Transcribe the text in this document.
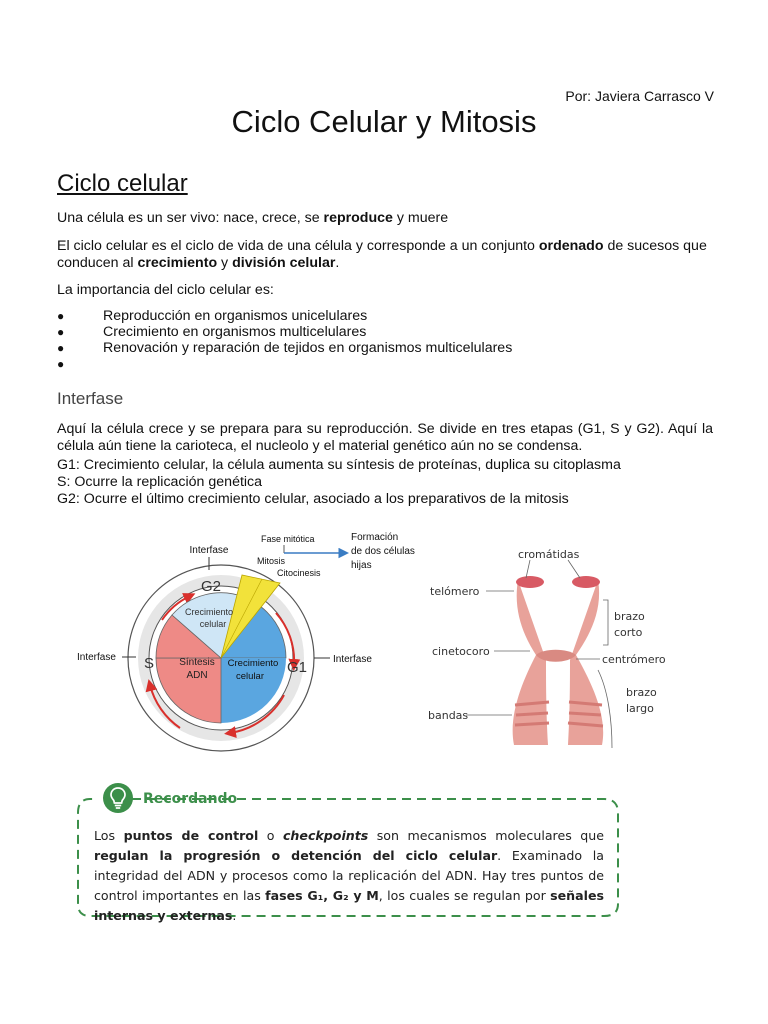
Por: Javiera Carrasco V
Ciclo Celular y Mitosis
Ciclo celular
Una célula es un ser vivo: nace, crece, se reproduce y muere
El ciclo celular es el ciclo de vida de una célula y corresponde a un conjunto ordenado de sucesos que conducen al crecimiento y división celular.
La importancia del ciclo celular es:
●	Reproducción en organismos unicelulares
●	Crecimiento en organismos multicelulares
●	Renovación y reparación de tejidos en organismos multicelulares
●
Interfase
Aquí la célula crece y se prepara para su reproducción. Se divide en tres etapas (G1, S y G2). Aquí la célula aún tiene la carioteca, el nucleolo y el material genético aún no se condensa.
G1: Crecimiento celular, la célula aumenta su síntesis de proteínas, duplica su citoplasma
S: Ocurre la replicación genética
G2: Ocurre el último crecimiento celular, asociado a los preparativos de la mitosis
Crecimiento
celular
Síntesis
ADN
Crecimiento
celular
G2
S	G1
Interfase
Interfase	Interfase
Fase mitótica
Mitosis
Citocinesis
Formación
de dos células
hijas
cromátidas
telómero
cinetocoro
bandas
brazo
corto
centrómero
brazo
largo
Recordando
Los puntos de control o checkpoints son mecanismos moleculares que regulan la progresión o detención del ciclo celular. Examinado la integridad del ADN y procesos como la replicación del ADN. Hay tres puntos de control importantes en las fases G₁, G₂ y M, los cuales se regulan por señales internas y externas.
